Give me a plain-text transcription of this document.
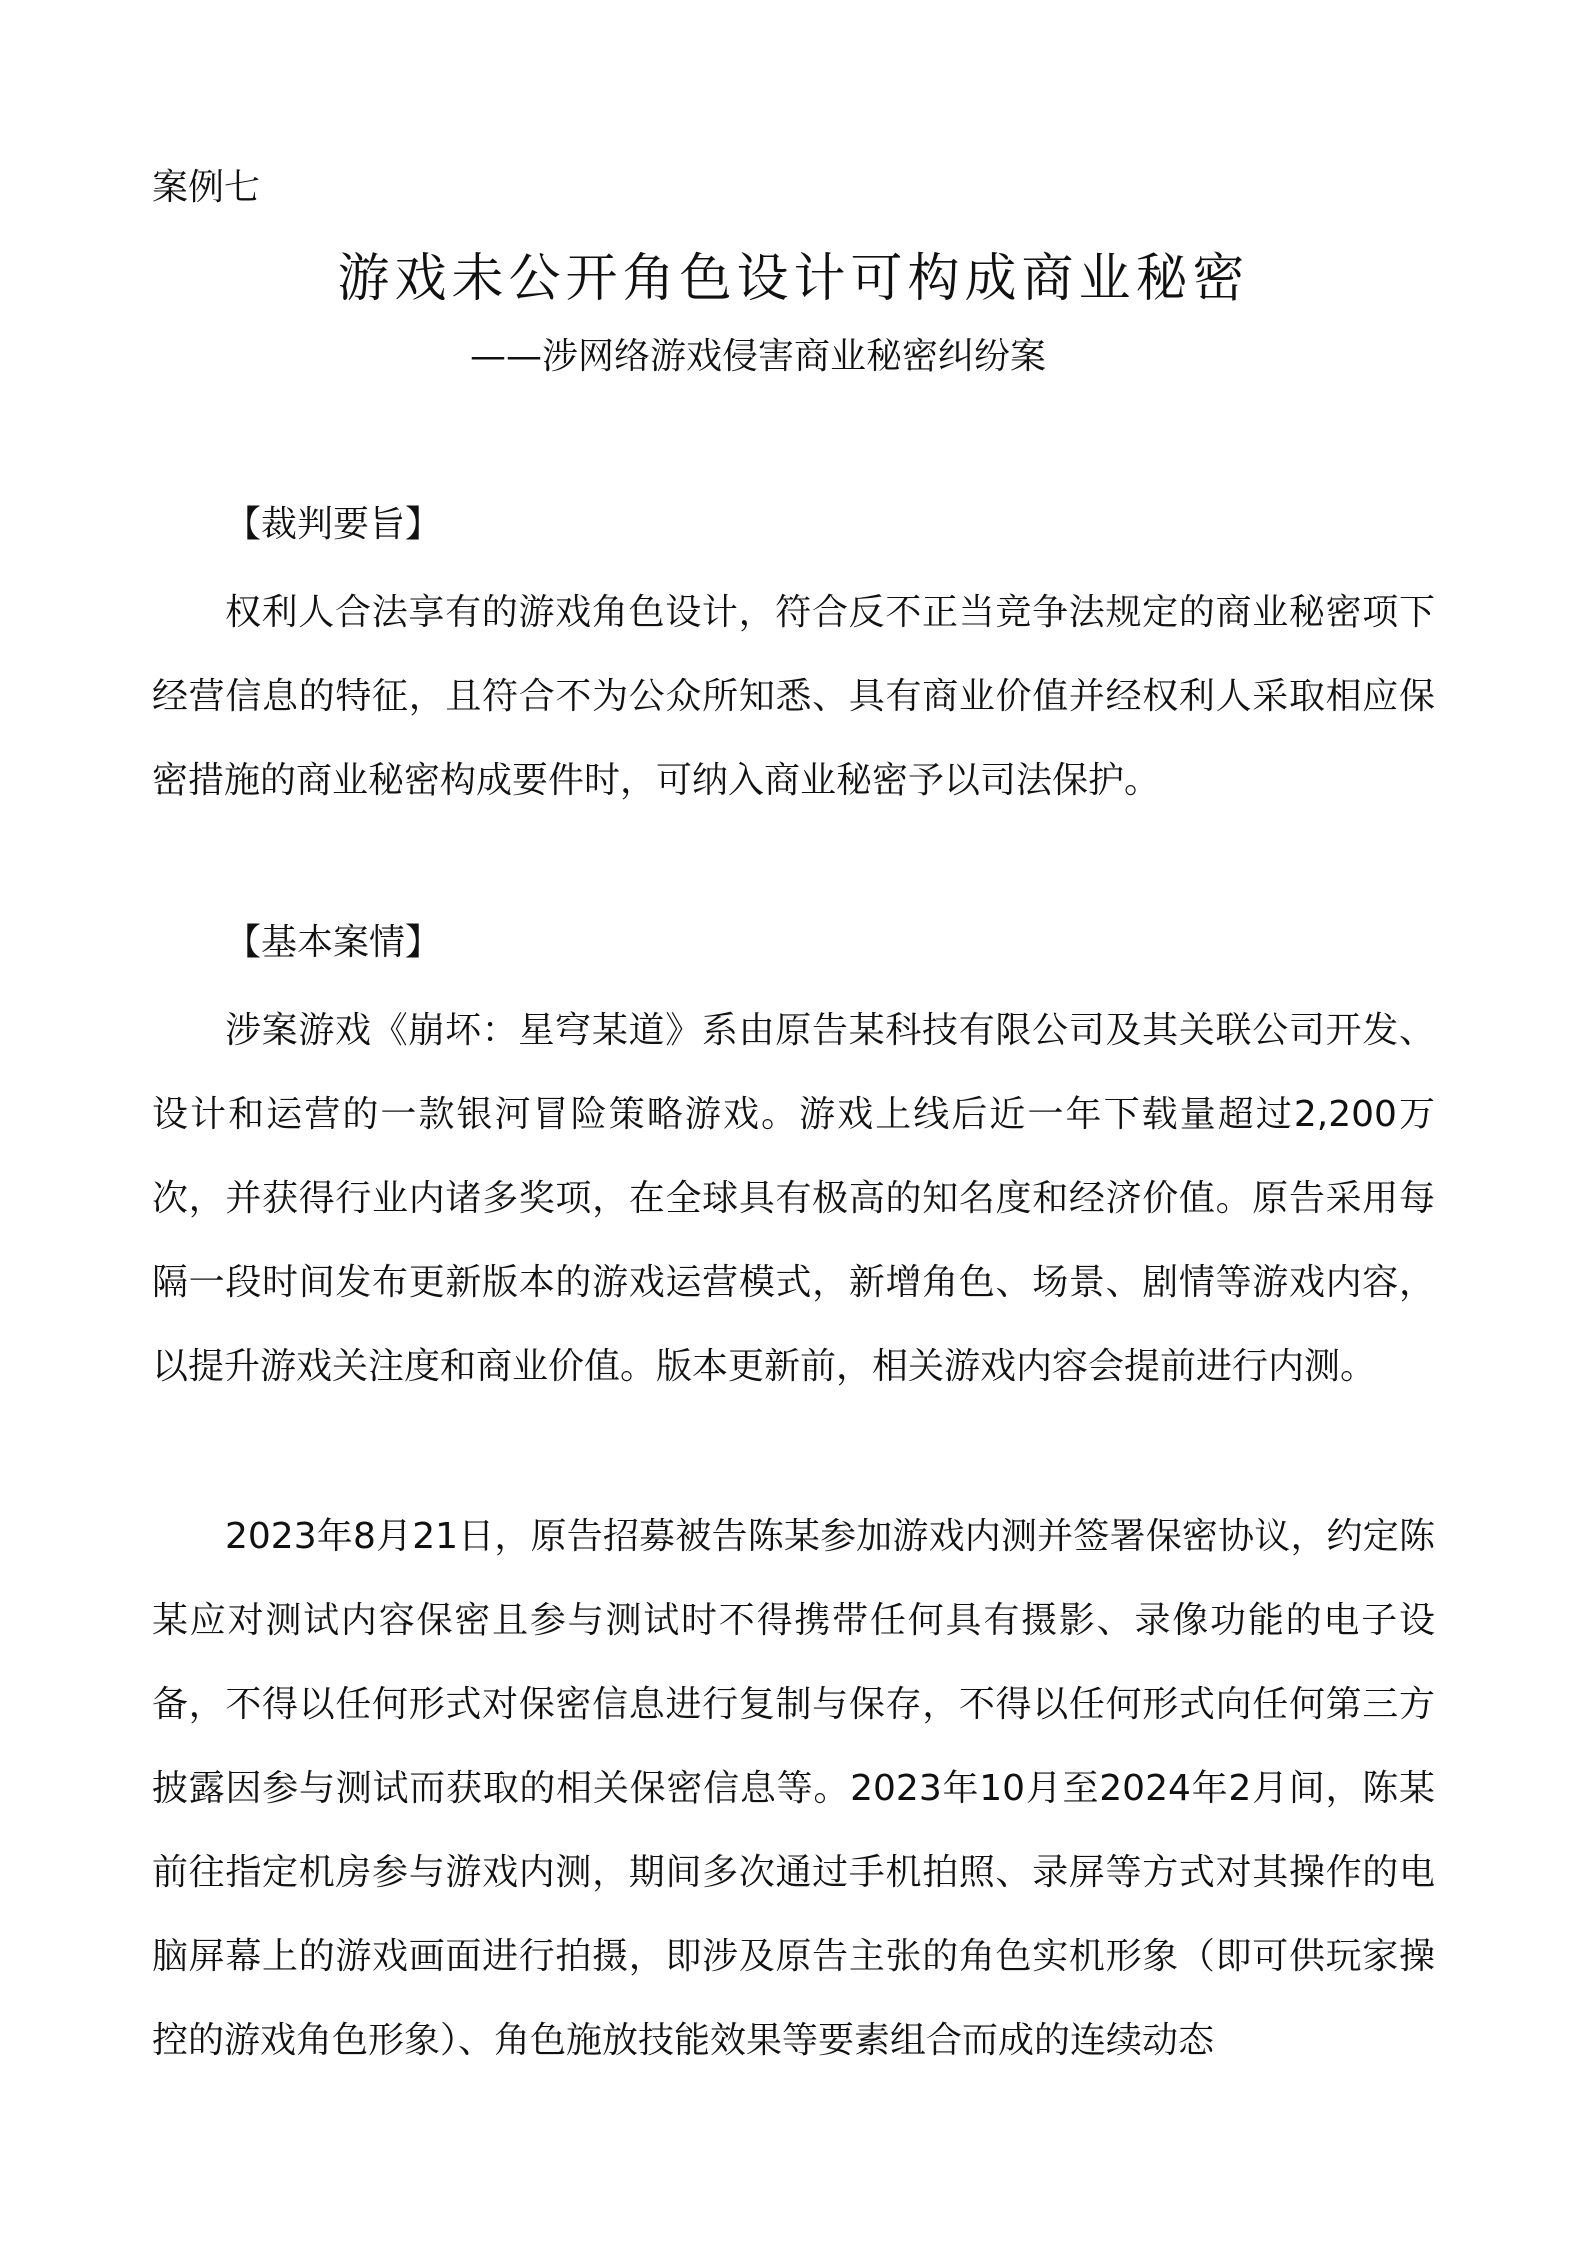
案例七
游戏未公开角色设计可构成商业秘密
——涉网络游戏侵害商业秘密纠纷案
【裁判要旨】

权利人合法享有的游戏角色设计，符合反不正当竞争法规定的商业秘密项下经营信息的特征，且符合不为公众所知悉、具有商业价值并经权利人采取相应保密措施的商业秘密构成要件时，可纳入商业秘密予以司法保护。

【基本案情】

涉案游戏《崩坏：星穹某道》系由原告某科技有限公司及其关联公司开发、设计和运营的一款银河冒险策略游戏。游戏上线后近一年下载量超过2,200万次，并获得行业内诸多奖项，在全球具有极高的知名度和经济价值。原告采用每隔一段时间发布更新版本的游戏运营模式，新增角色、场景、剧情等游戏内容，以提升游戏关注度和商业价值。版本更新前，相关游戏内容会提前进行内测。

2023年8月21日，原告招募被告陈某参加游戏内测并签署保密协议，约定陈某应对测试内容保密且参与测试时不得携带任何具有摄影、录像功能的电子设备，不得以任何形式对保密信息进行复制与保存，不得以任何形式向任何第三方披露因参与测试而获取的相关保密信息等。2023年10月至2024年2月间，陈某前往指定机房参与游戏内测，期间多次通过手机拍照、录屏等方式对其操作的电脑屏幕上的游戏画面进行拍摄，即涉及原告主张的角色实机形象（即可供玩家操控的游戏角色形象）、角色施放技能效果等要素组合而成的连续动态
